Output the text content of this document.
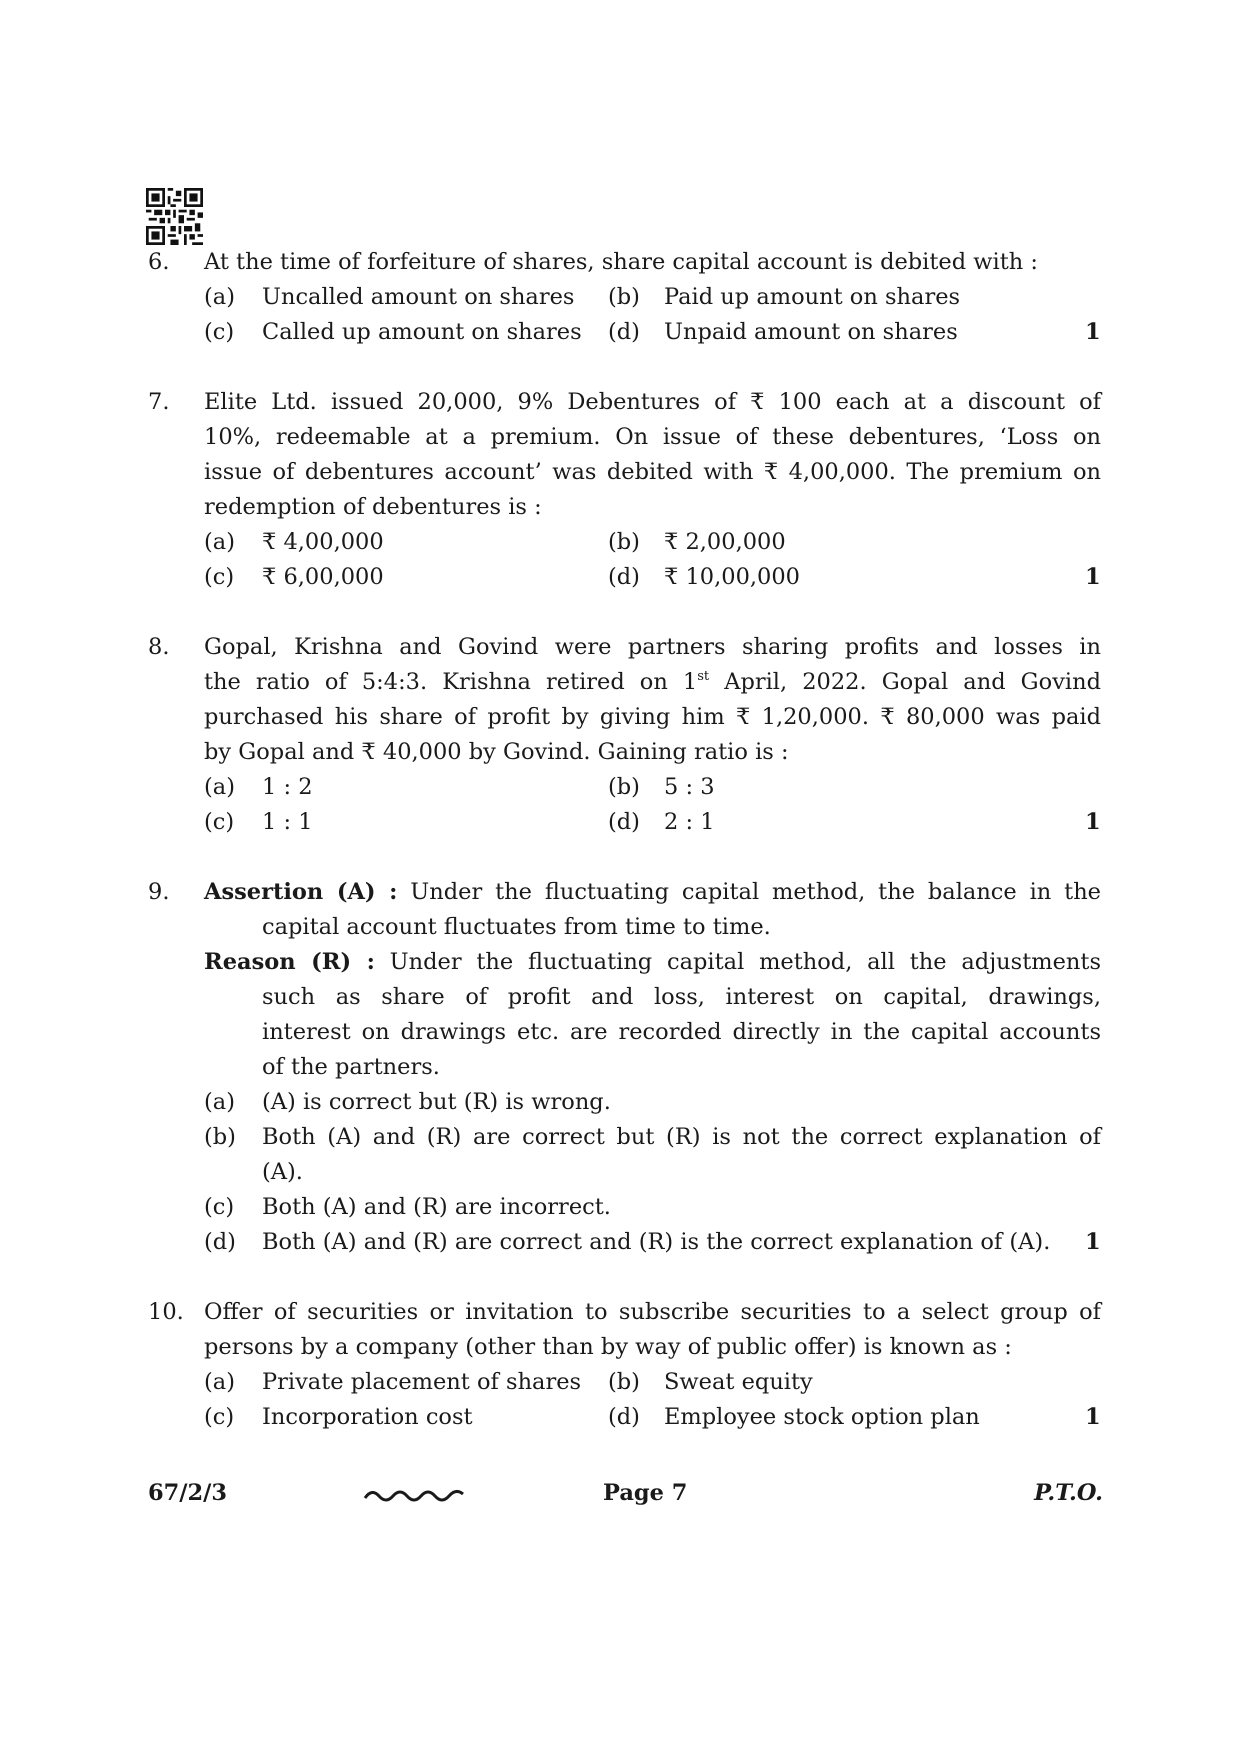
6. At the time of forfeiture of shares, share capital account is debited with :
(a) Uncalled amount on shares (b) Paid up amount on shares
(c) Called up amount on shares (d) Unpaid amount on shares	1
7. Elite Ltd. issued 20,000, 9% Debentures of ₹ 100 each at a discount of
10%, redeemable at a premium. On issue of these debentures, ‘Loss on
issue of debentures account’ was debited with ₹ 4,00,000. The premium on
redemption of debentures is :
(a) ₹ 4,00,000	(b) ₹ 2,00,000
(c) ₹ 6,00,000	(d) ₹ 10,00,000	1
8. Gopal, Krishna and Govind were partners sharing profits and losses in
the ratio of 5:4:3. Krishna retired on 1st April, 2022. Gopal and Govind
purchased his share of profit by giving him ₹ 1,20,000. ₹ 80,000 was paid
by Gopal and ₹ 40,000 by Govind. Gaining ratio is :
(a) 1 : 2	(b) 5 : 3
(c) 1 : 1	(d) 2 : 1	1
9. Assertion (A) : Under the fluctuating capital method, the balance in the
capital account fluctuates from time to time.
Reason (R) : Under the fluctuating capital method, all the adjustments
such as share of profit and loss, interest on capital, drawings,
interest on drawings etc. are recorded directly in the capital accounts
of the partners.
(a) (A) is correct but (R) is wrong.
(b) Both (A) and (R) are correct but (R) is not the correct explanation of
(A).
(c) Both (A) and (R) are incorrect.
(d) Both (A) and (R) are correct and (R) is the correct explanation of (A). 1
10. Offer of securities or invitation to subscribe securities to a select group of
persons by a company (other than by way of public offer) is known as :
(a) Private placement of shares (b) Sweat equity
(c) Incorporation cost	(d) Employee stock option plan	1
67/2/3	Page 7	P.T.O.
